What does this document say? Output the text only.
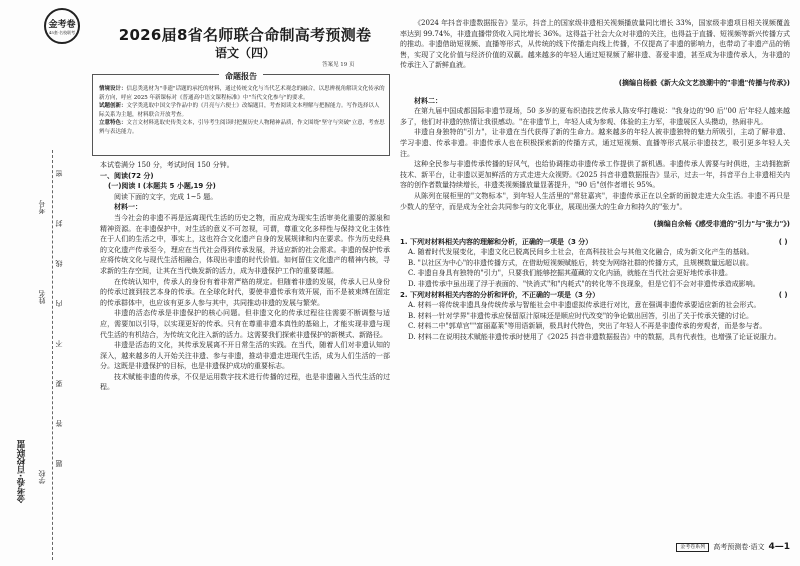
金考卷·百校联盟 学校
姓名
考号
密
封
线
内
不
要
答
题
金考卷
45套·名校联考	2026届8省名师联合命制高考预测卷
语文（四）
答案见 19 页
命题报告
情境设计：信息类选材为"非遗"话题的承托的材料，通过传统文化与当代艺术观念的融合，以思辨视角解读文化传承的新方向，呼应 2025 年新课标对《普通高中语文课程标准》中"当代文化参与"的要求。
试题创新：文学类选取中国文学作品中的《月亮与六便士》改编题目，考查阅读文本理解与把握能力。写作选择以人际关系为主题，材料联合开放考查。
立意特色：文言文材料选取史传类文本，引导考生阅读时把握历史人物精神品质，作文围绕"坚守与突破"立意，考查思辨与表达能力。

本试卷满分 150 分，考试时间 150 分钟。

一、阅读(72 分)

(一)阅读 I (本题共 5 小题,19 分)

阅读下面的文字，完成 1~5 题。

材料一：

当今社会的非遗不再是远离现代生活的历史之物，而应成为现实生活审美化重要的源泉和精神资源。在非遗保护中，对生活的意义不可忽视，可谓，尊重文化多样性与保持文化主体性在于人们的生活之中，事实上，这也符合文化遗产自身的发展规律和内在要求。作为历史经典的文化遗产传承至今，理应在当代社会得到传承发展，并适应新的社会需求。非遗的保护传承应将传统文化与现代生活相融合，体现出非遗的时代价值。如何留住文化遗产的精神内核，寻求新的生存空间，让其在当代焕发新的活力，成为非遗保护工作的重要课题。

在传统认知中，传承人的身份有着非常严格的规定。但随着非遗的发展，传承人已从身份的传承过渡到技艺本身的传承。在全球化时代，要使非遗传承有效开展，而不是被束缚在固定的传承群体中，也应该有更多人参与其中，共同推动非遗的发展与繁荣。

非遗的活态传承是非遗保护的核心问题。但非遗文化的传承过程往往需要不断调整与适应，需要加以引导，以实现更好的传承。只有在尊重非遗本真性的基础上，才能实现非遗与现代生活的有机结合，为传统文化注入新的活力。这需要我们探索非遗保护的新模式、新路径。

非遗是活态的文化，其传承发展离不开日常生活的实践。在当代，随着人们对非遗认知的深入，越来越多的人开始关注非遗、参与非遗，推动非遗走进现代生活，成为人们生活的一部分。这既是非遗保护的目标，也是非遗保护成功的重要标志。

技术赋能非遗的传承，不仅是运用数字技术进行传播的过程，也是非遗融入当代生活的过程。

《2024 年抖音非遗数据报告》显示，抖音上的国家级非遗相关视频播放量同比增长 33%，国家级非遗项目相关视频覆盖率达到 99.74%，非遗直播带货收入同比增长 36%。这得益于社会大众对非遗的关注，也得益于直播、短视频等新兴传播方式的推动。非遗借助短视频、直播等形式，从传统的线下传播走向线上传播，不仅提高了非遗的影响力，也带动了非遗产品的销售，实现了文化价值与经济价值的双赢。越来越多的年轻人通过短视频了解非遗、喜爱非遗，甚至成为非遗传承人，为非遗的传承注入了新鲜血液。

(摘编自杨毅《新大众文艺浪潮中的"非遗"传播与传承》)

材料二：

在第九届中国成都国际非遗节现场，50 多岁的夏布织造技艺传承人陈安华打趣说："我身边的'90 后''00 后'年轻人越来越多了，他们对非遗的热情让我很感动。"在非遗节上，年轻人成为参观、体验的主力军，非遗展区人头攒动，热闹非凡。

非遗自身独特的"引力"，让非遗在当代获得了新的生命力。越来越多的年轻人被非遗独特的魅力所吸引，主动了解非遗、学习非遗、传承非遗。非遗传承人也在积极探索新的传播方式，通过短视频、直播等形式展示非遗技艺，吸引更多年轻人关注。

这种全民参与非遗传承传播的好风气，也给协调推动非遗传承工作提供了新机遇。非遗传承人需要与时俱进，主动拥抱新技术、新平台，让非遗以更加鲜活的方式走进大众视野。《2025 抖音非遗数据报告》显示，过去一年，抖音平台上非遗相关内容的创作者数量持续增长，非遗类视频播放量显著提升，"90 后"创作者增长 95%。

从陈列在展柜里的"文物标本"，到年轻人生活里的"常驻嘉宾"，非遗传承正在以全新的面貌走进大众生活。非遗不再只是少数人的坚守，而是成为全社会共同参与的文化事业，展现出强大的生命力和持久的"张力"。

(摘编自余畅《感受非遗的"引力"与"张力"》)

1. 下列对材料相关内容的理解和分析，正确的一项是（3 分）	( )

A. 随着时代发展变化，非遗文化已脱离民间乡土社会，在高科技社会与其他文化融合，成为新文化产生的基础。

B. "以社区为中心"的非遗传播方式，在借助短视频赋能后，转变为网络社群的传播方式，且规模数量远超以前。

C. 非遗自身具有独特的"引力"，只要我们能够挖掘其蕴藏的文化内涵，就能在当代社会更好地传承非遗。

D. 非遗传承中虽出现了浮于表面的、"快消式"和"内耗式"的转化等不良现象，但是它们不会对非遗传承造成影响。

2. 下列对材料相关内容的分析和评价，不正确的一项是（3 分）	( )

A. 材料一将传统非遗具身传统传承与智能社会中非遗虚拟传承进行对比，意在强调非遗传承要适应新的社会形式。

B. 材料一针对学界"非遗传承应保留原汁原味还是顺应时代改变"的争论做出回答，引出了关于传承关键的讨论。

C. 材料二中"郭草官""富丽嘉莱"等用语新颖，极具时代特色，突出了年轻人不再是非遗传承的旁观者，而是参与者。

D. 材料二在说明技术赋能非遗传承时使用了《2025 抖音非遗数据报告》中的数据，具有代表性，也增强了论证说服力。

金考卷系列	高考预测卷·语文 4—1
